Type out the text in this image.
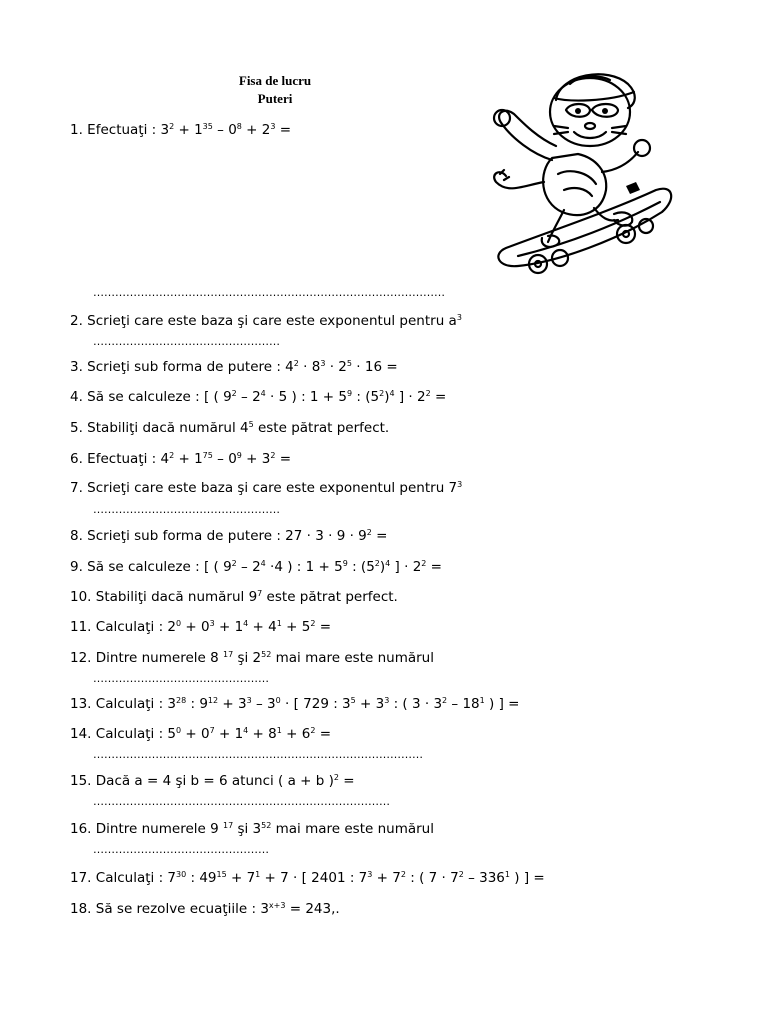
Fisa de lucru
Puteri
1. Efectuaţi : $3^2 + 1^{35} - 0^8 + 2^3$ =
2. Scrieţi care este baza şi care este exponentul pentru $a^3$
3. Scrieţi sub forma de putere : $4^2 \cdot 8^3 \cdot 2^5 \cdot 16$ =
4. Să se calculeze : [ ( $9^2 - 2^4 \cdot 5$ ) : $1 + 5^9$ : $(5^2)^4$ ] · $2^2$ =
5. Stabiliţi dacă numărul $4^5$ este pătrat perfect.
6. Efectuaţi : $4^2 + 1^{75} - 0^9 + 3^2$ =
7. Scrieţi care este baza şi care este exponentul pentru $7^3$
8. Scrieţi sub forma de putere : $27 \cdot 3 \cdot 9 \cdot 9^2$ =
9. Să se calculeze : [ ( $9^2 - 2^4 \cdot 4$ ) : $1 + 5^9$ : $(5^2)^4$ ] · $2^2$ =
10. Stabiliţi dacă numărul $9^7$ este pătrat perfect.
11. Calculaţi : $2^0 + 0^3 + 1^4 + 4^1 + 5^2$ =
12. Dintre numerele 8 $^{17}$ şi $2^{52}$ mai mare este numărul
13. Calculaţi : $3^{28}$ : $9^{12} + 3^3 - 3^0$ · [ 729 : $3^5 + 3^3$ : ( $3 \cdot 3^2 - 18^1$ ) ] =
14. Calculaţi : $5^0 + 0^7 + 1^4 + 8^1 + 6^2$ =
15. Dacă a = 4 şi b = 6 atunci ( a + b )$^2$ =
16. Dintre numerele 9 $^{17}$ şi $3^{52}$ mai mare este numărul
17. Calculaţi : $7^{30}$ : $49^{15} + 7^1 + 7$ · [ 2401 : $7^3 + 7^2$ : ( $7 \cdot 7^2 - 336^1$ ) ] =
18. Să se rezolve ecuaţiile : $3^{x+3} = 243$,.
……………………………………………………………………………………
……………………………………………
……………………………………………
…………………………………………
………………………………………………………………………………
………………………………………………………………………
…………………………………………
